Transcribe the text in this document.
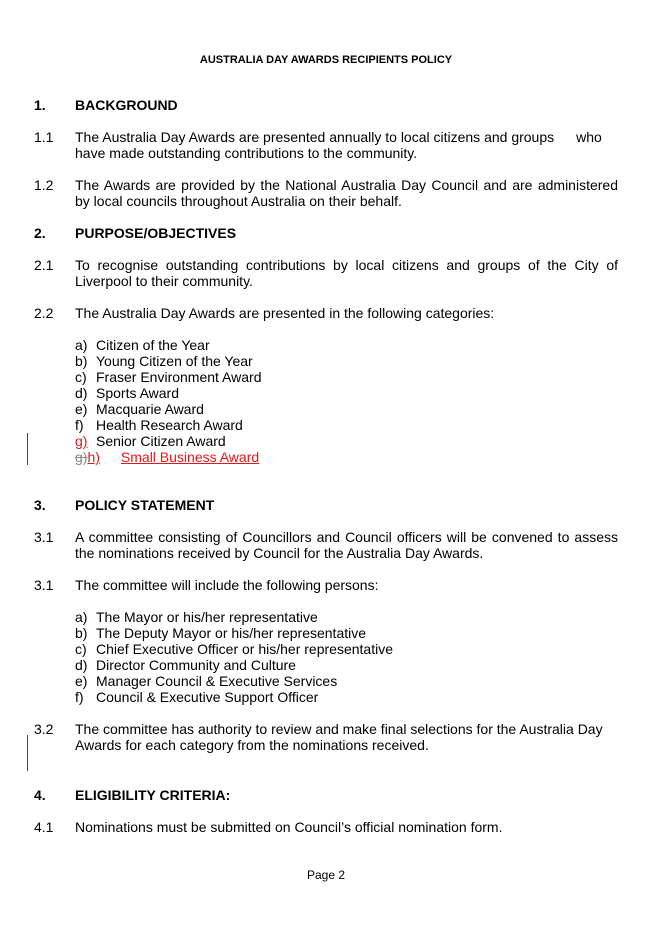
AUSTRALIA DAY AWARDS RECIPIENTS POLICY
1. BACKGROUND
1.1 The Australia Day Awards are presented annually to local citizens and groups who
have made outstanding contributions to the community.
1.2 The Awards are provided by the National Australia Day Council and are administered by local councils throughout Australia on their behalf.
2. PURPOSE/OBJECTIVES
2.1 To recognise outstanding contributions by local citizens and groups of the City of Liverpool to their community.
2.2 The Australia Day Awards are presented in the following categories:
a) Citizen of the Year
b) Young Citizen of the Year
c) Fraser Environment Award
d) Sports Award
e) Macquarie Award
f) Health Research Award
g) Senior Citizen Award
g)h) Small Business Award
3. POLICY STATEMENT
3.1 A committee consisting of Councillors and Council officers will be convened to assess the nominations received by Council for the Australia Day Awards.
3.1 The committee will include the following persons:
a) The Mayor or his/her representative
b) The Deputy Mayor or his/her representative
c) Chief Executive Officer or his/her representative
d) Director Community and Culture
e) Manager Council & Executive Services
f) Council & Executive Support Officer
3.2 The committee has authority to review and make final selections for the Australia Day Awards for each category from the nominations received.
4. ELIGIBILITY CRITERIA:
4.1 Nominations must be submitted on Council’s official nomination form.
Page 2
